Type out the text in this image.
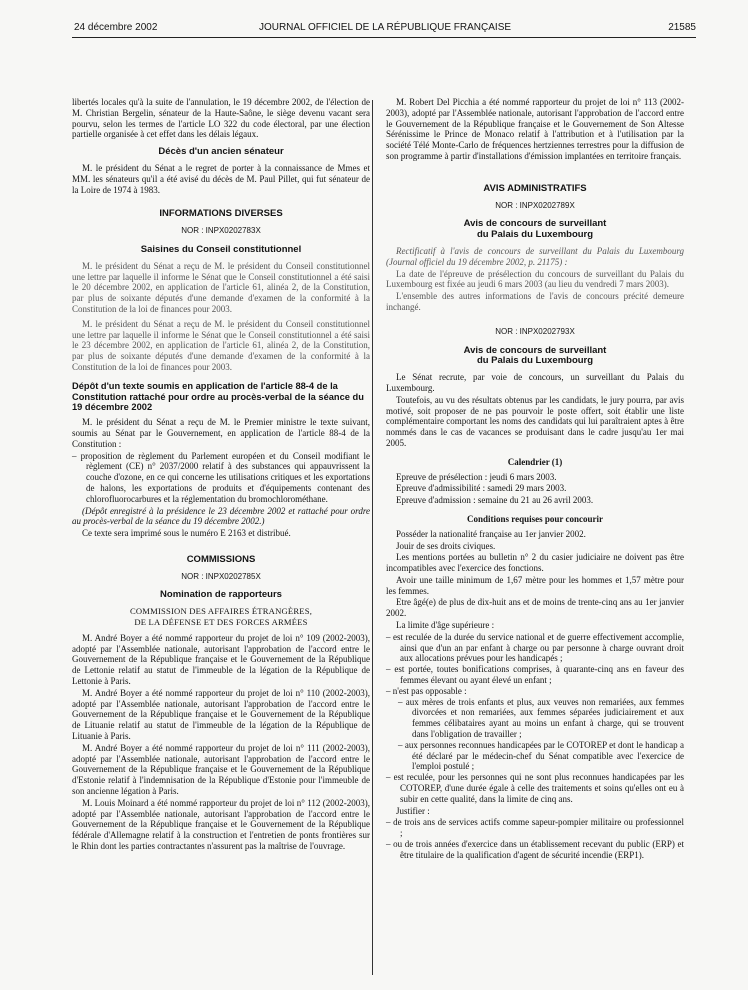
24 décembre 2002	JOURNAL OFFICIEL DE LA RÉPUBLIQUE FRANÇAISE	21585

libertés locales qu'à la suite de l'annulation, le 19 décembre 2002, de l'élection de M. Christian Bergelin, sénateur de la Haute-Saône, le siège devenu vacant sera pourvu, selon les termes de l'article LO 322 du code électoral, par une élection partielle organisée à cet effet dans les délais légaux.

Décès d'un ancien sénateur

M. le président du Sénat a le regret de porter à la connaissance de Mmes et MM. les sénateurs qu'il a été avisé du décès de M. Paul Pillet, qui fut sénateur de la Loire de 1974 à 1983.

INFORMATIONS DIVERSES
NOR : INPX0202783X
Saisines du Conseil constitutionnel

M. le président du Sénat a reçu de M. le président du Conseil constitutionnel une lettre par laquelle il informe le Sénat que le Conseil constitutionnel a été saisi le 20 décembre 2002, en application de l'article 61, alinéa 2, de la Constitution, par plus de soixante députés d'une demande d'examen de la conformité à la Constitution de la loi de finances pour 2003.

M. le président du Sénat a reçu de M. le président du Conseil constitutionnel une lettre par laquelle il informe le Sénat que le Conseil constitutionnel a été saisi le 23 décembre 2002, en application de l'article 61, alinéa 2, de la Constitution, par plus de soixante députés d'une demande d'examen de la conformité à la Constitution de la loi de finances pour 2003.

Dépôt d'un texte soumis en application de l'article 88-4 de la Constitution rattaché pour ordre au procès-verbal de la séance du 19 décembre 2002

M. le président du Sénat a reçu de M. le Premier ministre le texte suivant, soumis au Sénat par le Gouvernement, en application de l'article 88-4 de la Constitution :

– proposition de règlement du Parlement européen et du Conseil modifiant le règlement (CE) n° 2037/2000 relatif à des substances qui appauvrissent la couche d'ozone, en ce qui concerne les utilisations critiques et les exportations de halons, les exportations de produits et d'équipements contenant des chlorofluorocarbures et la réglementation du bromochlorométhane.

(Dépôt enregistré à la présidence le 23 décembre 2002 et rattaché pour ordre au procès-verbal de la séance du 19 décembre 2002.)

Ce texte sera imprimé sous le numéro E 2163 et distribué.

COMMISSIONS
NOR : INPX0202785X
Nomination de rapporteurs
COMMISSION DES AFFAIRES ÉTRANGÈRES,
DE LA DÉFENSE ET DES FORCES ARMÉES

M. André Boyer a été nommé rapporteur du projet de loi n° 109 (2002-2003), adopté par l'Assemblée nationale, autorisant l'approbation de l'accord entre le Gouvernement de la République française et le Gouvernement de la République de Lettonie relatif au statut de l'immeuble de la légation de la République de Lettonie à Paris.

M. André Boyer a été nommé rapporteur du projet de loi n° 110 (2002-2003), adopté par l'Assemblée nationale, autorisant l'approbation de l'accord entre le Gouvernement de la République française et le Gouvernement de la République de Lituanie relatif au statut de l'immeuble de la légation de la République de Lituanie à Paris.

M. André Boyer a été nommé rapporteur du projet de loi n° 111 (2002-2003), adopté par l'Assemblée nationale, autorisant l'approbation de l'accord entre le Gouvernement de la République française et le Gouvernement de la République d'Estonie relatif à l'indemnisation de la République d'Estonie pour l'immeuble de son ancienne légation à Paris.

M. Louis Moinard a été nommé rapporteur du projet de loi n° 112 (2002-2003), adopté par l'Assemblée nationale, autorisant l'approbation de l'accord entre le Gouvernement de la République française et le Gouvernement de la République fédérale d'Allemagne relatif à la construction et l'entretien de ponts frontières sur le Rhin dont les parties contractantes n'assurent pas la maîtrise de l'ouvrage.

M. Robert Del Picchia a été nommé rapporteur du projet de loi n° 113 (2002-2003), adopté par l'Assemblée nationale, autorisant l'approbation de l'accord entre le Gouvernement de la République française et le Gouvernement de Son Altesse Sérénissime le Prince de Monaco relatif à l'attribution et à l'utilisation par la société Télé Monte-Carlo de fréquences hertziennes terrestres pour la diffusion de son programme à partir d'installations d'émission implantées en territoire français.

AVIS ADMINISTRATIFS
NOR : INPX0202789X
Avis de concours de surveillant
du Palais du Luxembourg

Rectificatif à l'avis de concours de surveillant du Palais du Luxembourg (Journal officiel du 19 décembre 2002, p. 21175) :

La date de l'épreuve de présélection du concours de surveillant du Palais du Luxembourg est fixée au jeudi 6 mars 2003 (au lieu du vendredi 7 mars 2003).

L'ensemble des autres informations de l'avis de concours précité demeure inchangé.

NOR : INPX0202793X
Avis de concours de surveillant
du Palais du Luxembourg

Le Sénat recrute, par voie de concours, un surveillant du Palais du Luxembourg.

Toutefois, au vu des résultats obtenus par les candidats, le jury pourra, par avis motivé, soit proposer de ne pas pourvoir le poste offert, soit établir une liste complémentaire comportant les noms des candidats qui lui paraîtraient aptes à être nommés dans le cas de vacances se produisant dans le cadre jusqu'au 1er mai 2005.

Calendrier (1)

Epreuve de présélection : jeudi 6 mars 2003.

Epreuve d'admissibilité : samedi 29 mars 2003.

Epreuve d'admission : semaine du 21 au 26 avril 2003.

Conditions requises pour concourir

Posséder la nationalité française au 1er janvier 2002.

Jouir de ses droits civiques.

Les mentions portées au bulletin n° 2 du casier judiciaire ne doivent pas être incompatibles avec l'exercice des fonctions.

Avoir une taille minimum de 1,67 mètre pour les hommes et 1,57 mètre pour les femmes.

Etre âgé(e) de plus de dix-huit ans et de moins de trente-cinq ans au 1er janvier 2002.

La limite d'âge supérieure :

– est reculée de la durée du service national et de guerre effectivement accomplie, ainsi que d'un an par enfant à charge ou par personne à charge ouvrant droit aux allocations prévues pour les handicapés ;
– est portée, toutes bonifications comprises, à quarante-cinq ans en faveur des femmes élevant ou ayant élevé un enfant ;
– n'est pas opposable :
– aux mères de trois enfants et plus, aux veuves non remariées, aux femmes divorcées et non remariées, aux femmes séparées judiciairement et aux femmes célibataires ayant au moins un enfant à charge, qui se trouvent dans l'obligation de travailler ;
– aux personnes reconnues handicapées par le COTOREP et dont le handicap a été déclaré par le médecin-chef du Sénat compatible avec l'exercice de l'emploi postulé ;
– est reculée, pour les personnes qui ne sont plus reconnues handicapées par les COTOREP, d'une durée égale à celle des traitements et soins qu'elles ont eu à subir en cette qualité, dans la limite de cinq ans.

Justifier :

– de trois ans de services actifs comme sapeur-pompier militaire ou professionnel ;
– ou de trois années d'exercice dans un établissement recevant du public (ERP) et être titulaire de la qualification d'agent de sécurité incendie (ERP1).
